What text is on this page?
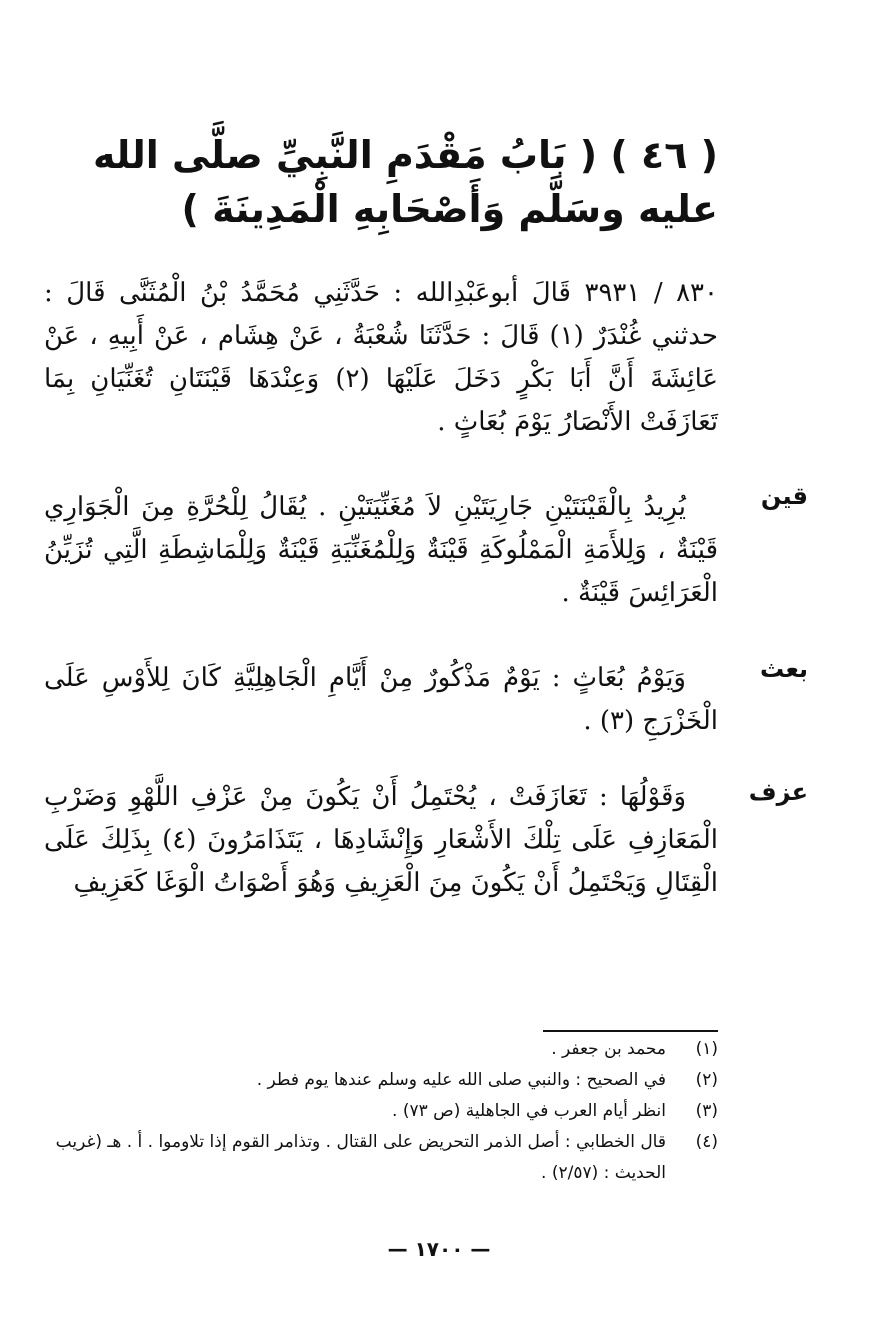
( ٤٦ ) ( بَابُ مَقْدَمِ النَّبِيِّ صلَّى الله عليه وسَلَّم وَأَصْحَابِهِ الْمَدِينَةَ )

٨٣٠ / ٣٩٣١ قَالَ أبوعَبْدِالله : حَدَّثَنِي مُحَمَّدُ بْنُ الْمُثَنَّى قَالَ : حدثني غُنْدَرٌ (١) قَالَ : حَدَّثَنَا شُعْبَةُ ، عَنْ هِشَام ، عَنْ أَبِيهِ ، عَنْ عَائِشَةَ أَنَّ أَبَا بَكْرٍ دَخَلَ عَلَيْهَا (٢) وَعِنْدَهَا قَيْنَتَانِ تُغَنِّيَانِ بِمَا تَعَازَفَتْ الأَنْصَارُ يَوْمَ بُعَاثٍ .

قين

يُرِيدُ بِالْقَيْنَتَيْنِ جَارِيَتَيْنِ لاَ مُغَنِّيَتَيْنِ . يُقَالُ لِلْحُرَّةِ مِنَ الْجَوَارِي قَيْنَةٌ ، وَلِلأَمَةِ الْمَمْلُوكَةِ قَيْنَةٌ وَلِلْمُغَنِّيَةِ قَيْنَةٌ وَلِلْمَاشِطَةِ الَّتِي تُزَيِّنُ الْعَرَائِسَ قَيْنَةٌ .

بعث

وَيَوْمُ بُعَاثٍ : يَوْمٌ مَذْكُورٌ مِنْ أَيَّامِ الْجَاهِلِيَّةِ كَانَ لِلأَوْسِ عَلَى الْخَزْرَجِ (٣) .

عزف

وَقَوْلُهَا : تَعَازَفَتْ ، يُحْتَمِلُ أَنْ يَكُونَ مِنْ عَزْفِ اللَّهْوِ وَضَرْبِ الْمَعَازِفِ عَلَى تِلْكَ الأَشْعَارِ وَإِنْشَادِهَا ، يَتَذَامَرُونَ (٤) بِذَلِكَ عَلَى الْقِتَالِ وَيَحْتَمِلُ أَنْ يَكُونَ مِنَ الْعَزِيفِ وَهُوَ أَصْوَاتُ الْوَغَا كَعَزِيفِ

(١)
محمد بن جعفر .
(٢)
في الصحيح : والنبي صلى الله عليه وسلم عندها يوم فطر .
(٣)
انظر أيام العرب في الجاهلية (ص ٧٣) .
(٤)
قال الخطابي : أصل الذمر التحريض على القتال . وتذامر القوم إذا تلاوموا . أ . هـ (غريب الحديث : (٢/٥٧) .
— ١٧٠٠ —
